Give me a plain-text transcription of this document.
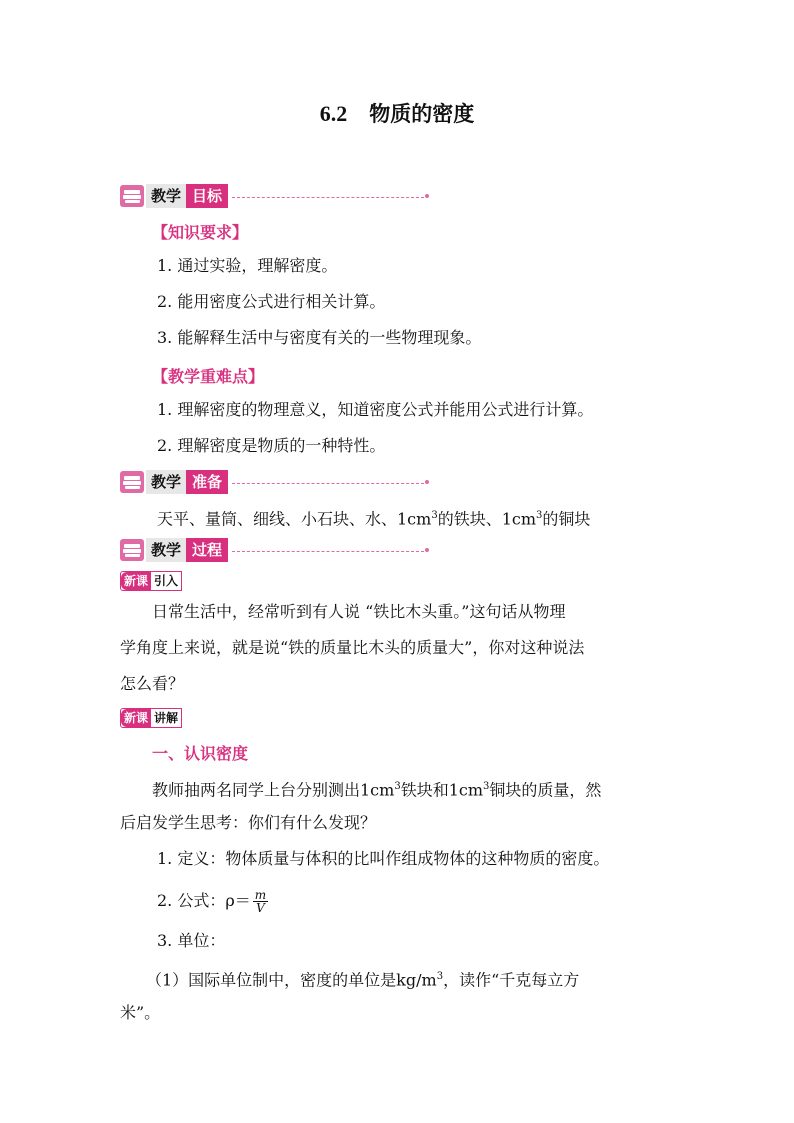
6.2 物质的密度
教学 目标
【知识要求】
1. 通过实验，理解密度。
2. 能用密度公式进行相关计算。
3. 能解释生活中与密度有关的一些物理现象。
【教学重难点】
1. 理解密度的物理意义，知道密度公式并能用公式进行计算。
2. 理解密度是物质的一种特性。
教学 准备
天平、量筒、细线、小石块、水、$1cm^3$的铁块、$1cm^3$的铜块
教学 过程
新课 引入
日常生活中，经常听到有人说 “铁比木头重。”这句话从物理
学角度上来说，就是说“铁的质量比木头的质量大”，你对这种说法
怎么看？
新课 讲解
一、认识密度
教师抽两名同学上台分别测出$1cm^3$铁块和$1cm^3$铜块的质量，然
后启发学生思考：你们有什么发现？
1. 定义：物体质量与体积的比叫作组成物体的这种物质的密度。
2. 公式：$\rho= \frac{m}{V}$
3. 单位：
（1）国际单位制中，密度的单位是$kg/m^3$，读作“千克每立方
米”。
